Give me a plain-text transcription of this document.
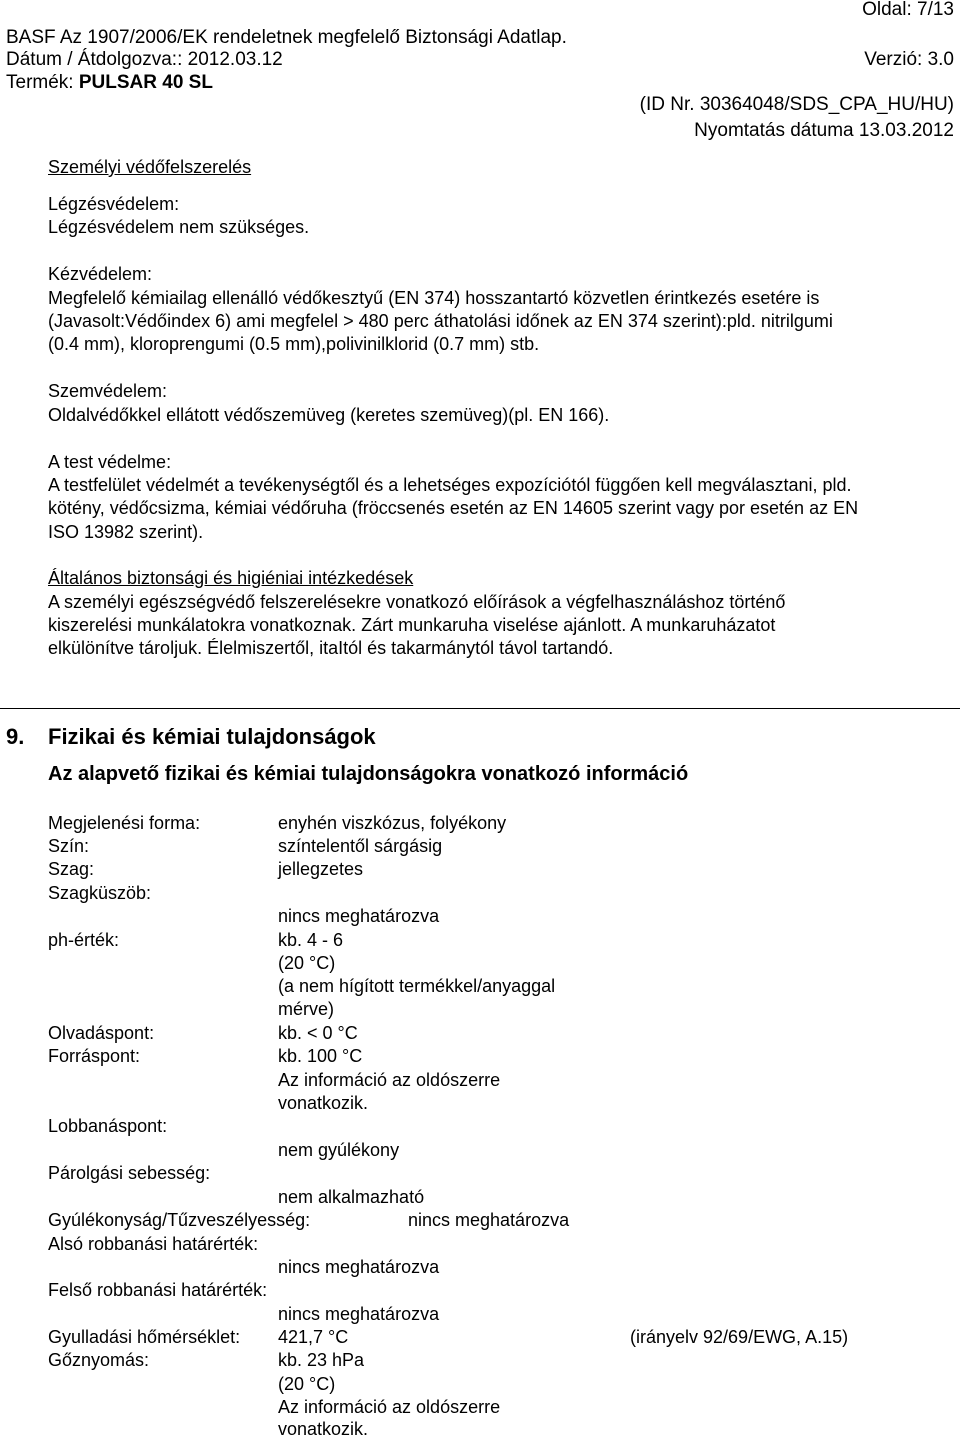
Oldal: 7/13
BASF Az 1907/2006/EK rendeletnek megfelelő Biztonsági Adatlap.
Dátum / Átdolgozva:: 2012.03.12	Verzió: 3.0
Termék: PULSAR 40 SL
(ID Nr. 30364048/SDS_CPA_HU/HU)
Nyomtatás dátuma 13.03.2012
Személyi védőfelszerelés
Légzésvédelem:
Légzésvédelem nem szükséges.
Kézvédelem:
Megfelelő kémiailag ellenálló védőkesztyű (EN 374) hosszantartó közvetlen érintkezés esetére is
(Javasolt:Védőindex 6) ami megfelel > 480 perc áthatolási időnek az EN 374 szerint):pld. nitrilgumi
(0.4 mm), kloroprengumi (0.5 mm),polivinilklorid (0.7 mm) stb.
Szemvédelem:
Oldalvédőkkel ellátott védőszemüveg (keretes szemüveg)(pl. EN 166).
A test védelme:
A testfelület védelmét a tevékenységtől és a lehetséges expozíciótól függően kell megválasztani, pld.
kötény, védőcsizma, kémiai védőruha (fröccsenés esetén az EN 14605 szerint vagy por esetén az EN
ISO 13982 szerint).
Általános biztonsági és higiéniai intézkedések
A személyi egészségvédő felszerelésekre vonatkozó előírások a végfelhasználáshoz történő
kiszerelési munkálatokra vonatkoznak. Zárt munkaruha viselése ajánlott. A munkaruházatot
elkülönítve tároljuk. Élelmiszertől, itaItól és takarmánytól távol tartandó.
9. Fizikai és kémiai tulajdonságok
Az alapvető fizikai és kémiai tulajdonságokra vonatkozó információ
Megjelenési forma:	enyhén viszkózus, folyékony
Szín:	színtelentől sárgásig
Szag:	jellegzetes
Szagküszöb:
nincs meghatározva
ph-érték:	kb. 4 - 6
(20 °C)
(a nem hígított termékkel/anyaggal
mérve)
Olvadáspont:	kb. < 0 °C
Forráspont:	kb. 100 °C
Az információ az oldószerre
vonatkozik.
Lobbanáspont:
nem gyúlékony
Párolgási sebesség:
nem alkalmazható
Gyúlékonyság/Tűzveszélyesség:	nincs meghatározva
Alsó robbanási határérték:
nincs meghatározva
Felső robbanási határérték:
nincs meghatározva
Gyulladási hőmérséklet: 421,7 °C	(irányelv 92/69/EWG, A.15)
Gőznyomás:	kb. 23 hPa
(20 °C)
Az információ az oldószerre
vonatkozik.
